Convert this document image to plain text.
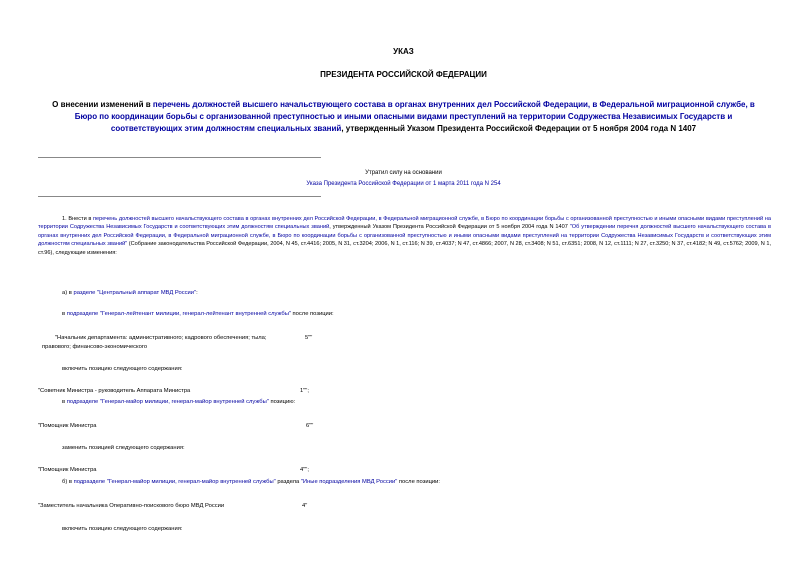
УКАЗ
ПРЕЗИДЕНТА РОССИЙСКОЙ ФЕДЕРАЦИИ
О внесении изменений в перечень должностей высшего начальствующего состава в органах внутренних дел Российской Федерации, в Федеральной миграционной службе, в Бюро по координации борьбы с организованной преступностью и иными опасными видами преступлений на территории Содружества Независимых Государств и соответствующих этим должностям специальных званий, утвержденный Указом Президента Российской Федерации от 5 ноября 2004 года N 1407
Утратил силу на основании
Указа Президента Российской Федерации от 1 марта 2011 года N 254
1. Внести в перечень должностей высшего начальствующего состава в органах внутренних дел Российской Федерации, в Федеральной миграционной службе, в Бюро по координации борьбы с организованной преступностью и иными опасными видами преступлений на территории Содружества Независимых Государств и соответствующих этим должностям специальных званий, утвержденный Указом Президента Российской Федерации от 5 ноября 2004 года N 1407 "Об утверждении перечня должностей высшего начальствующего состава в органах внутренних дел Российской Федерации, в Федеральной миграционной службе, в Бюро по координации борьбы с организованной преступностью и иными опасными видами преступлений на территории Содружества Независимых Государств и соответствующих этим должностям специальных званий" (Собрание законодательства Российской Федерации, 2004, N 45, ст.4416; 2005, N 31, ст.3204; 2006, N 1, ст.116; N 39, ст.4037; N 47, ст.4866; 2007, N 28, ст.3408; N 51, ст.6351; 2008, N 12, ст.1111; N 27, ст.3250; N 37, ст.4182; N 49, ст.5762; 2009, N 1, ст.96), следующие изменения:
а) в разделе "Центральный аппарат МВД России":
в подразделе "Генерал-лейтенант милиции, генерал-лейтенант внутренней службы" после позиции:
"Начальник департамента: административного; кадрового обеспечения; тыла;	5""
правового; финансово-экономического
включить позицию следующего содержания:
"Советник Министра - руководитель Аппарата Министра	1"";
в подразделе "Генерал-майор милиции, генерал-майор внутренней службы" позицию:
"Помощник Министра	6""
заменить позицией следующего содержания:
"Помощник Министра	4"";
б) в подразделе "Генерал-майор милиции, генерал-майор внутренней службы" раздела "Иные подразделения МВД России" после позиции:
"Заместитель начальника Оперативно-поискового бюро МВД России	4"
включить позицию следующего содержания:
